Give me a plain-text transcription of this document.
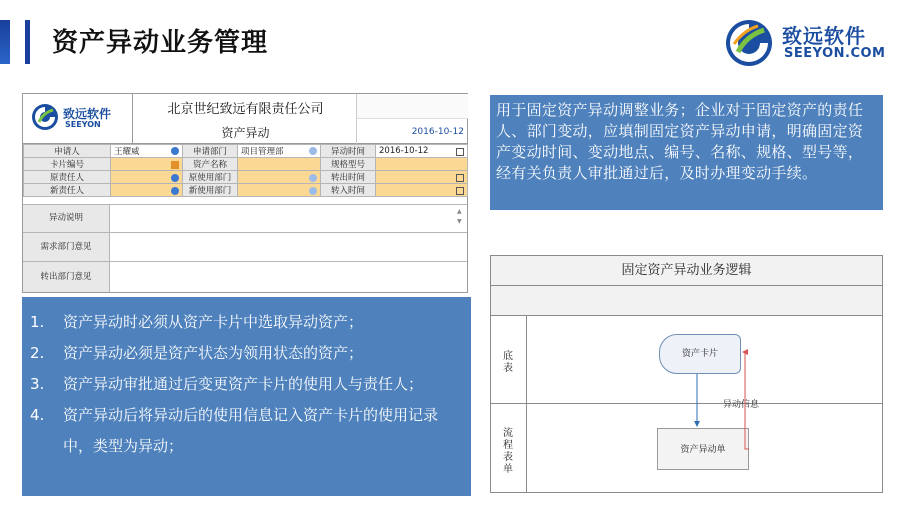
资产异动业务管理	致远软件
SEEYON.COM
致远软件
SEEYON
北京世纪致远有限责任公司
资产异动	2016-10-12
申请人	王耀威	申请部门	项目管理部	异动时间	2016-10-12

卡片编号		资产名称		规格型号	
原责任人		原使用部门		转出时间	

新责任人		新使用部门		转入时间	
异动说明
▲
▼
需求部门意见
转出部门意见
用于固定资产异动调整业务；企业对于固定资产的责任人、部门变动，应填制固定资产异动申请，明确固定资产变动时间、变动地点、编号、名称、规格、型号等，经有关负责人审批通过后，及时办理变动手续。
1. 资产异动时必须从资产卡片中选取异动资产；
2. 资产异动必须是资产状态为领用状态的资产；
3. 资产异动审批通过后变更资产卡片的使用人与责任人；
4. 资产异动后将异动后的使用信息记入资产卡片的使用记录中，类型为异动；
固定资产异动业务逻辑
底表
流程表单
资产卡片
资产异动单
异动信息
